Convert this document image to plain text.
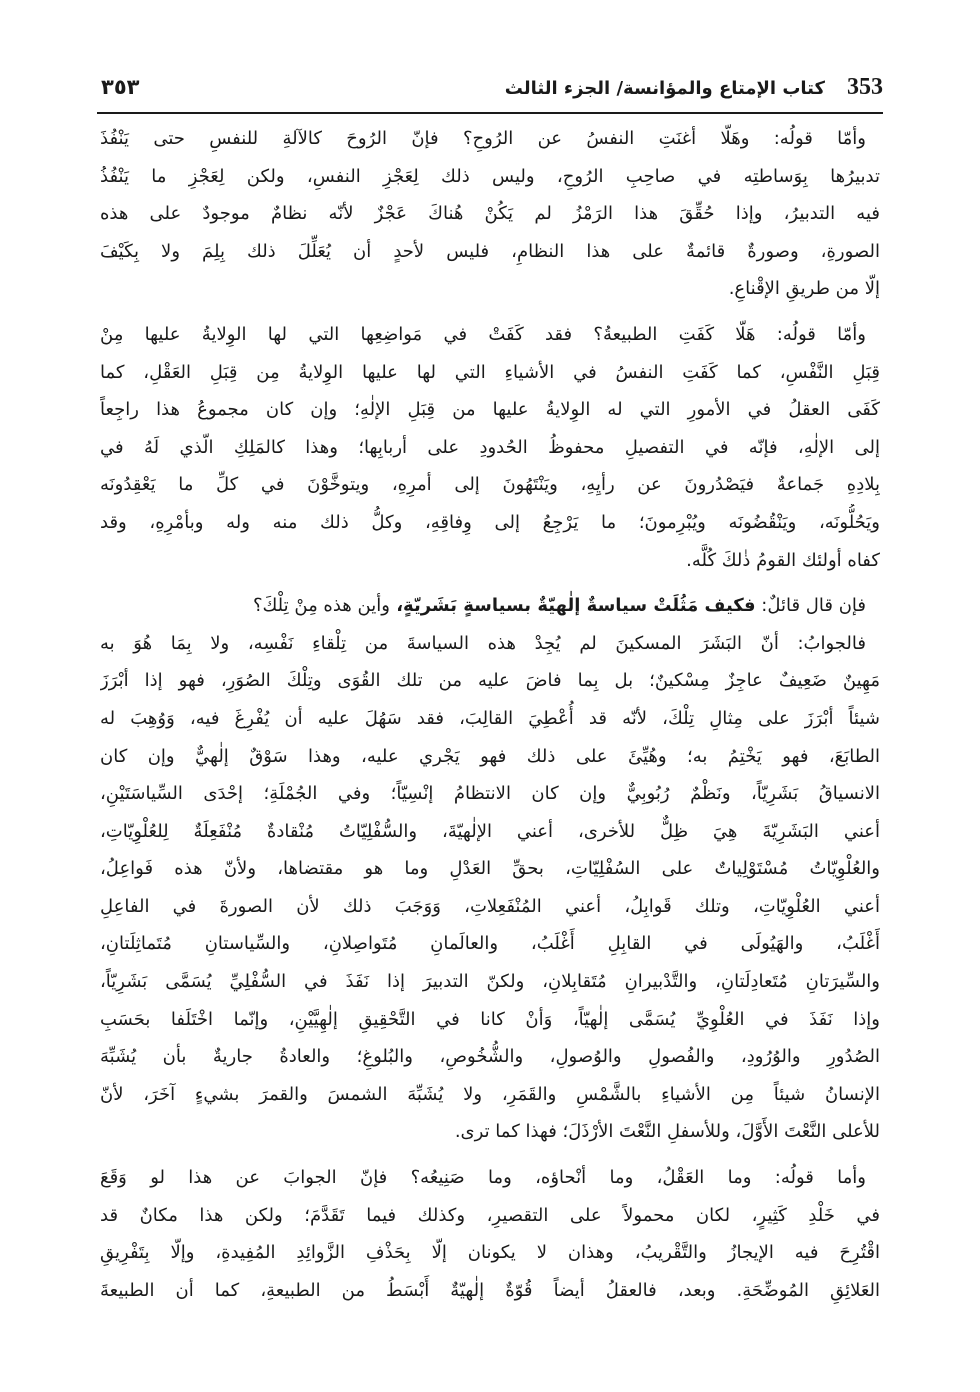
353
كتاب الإمتاع والمؤانسة/ الجزء الثالث
٣٥٣
وأمّا قولُه: وهَلّا أغنَتِ النفسُ عن الرُوحِ؟ فإنّ الرُوحَ كالآلةِ للنفسِ حتى يَنْفُذَ
تدبيرُها بِوَساطتِه في صاحِبِ الرُوحِ، وليس ذلك لِعَجْزِ النفسِ، ولكن لِعَجْزِ ما يَنْفُذُ
فيه التدبيرُ، وإذا حُقِّقَ هذا الرَمْزُ لم يَكُنْ هُناكَ عَجْزٌ لأنّه نظامٌ موجودٌ على هذه
الصورةِ، وصورةٌ قائمةٌ على هذا النظامِ، فليس لأحدٍ أن يُعَلِّلَ ذلك بِلِمَ ولا بِكَيْفَ
إلّا من طريقِ الإقْناعِ.
وأمّا قولُه: هَلّا كَفَتِ الطبيعةُ؟ فقد كَفَتْ في مَواضِعِها التي لها الوِلايةُ عليها مِنْ
قِبَلِ النَّفْسِ، كما كَفَتِ النفسُ في الأشياءِ التي لها عليها الوِلايةُ مِن قِبَلِ العَقْلِ، كما
كَفَى العقلُ في الأمورِ التي له الوِلايةُ عليها من قِبَلِ الإلٰهِ؛ وإن كان مجموعُ هذا راجِعاً
إلى الإلٰهِ، فإنّه في التفصيلِ محفوظُ الحُدودِ على أربابِها؛ وهذا كالمَلِكِ الّذي لَهُ في
بِلادِهِ جَماعةٌ فيَصْدُرونَ عن رأيِهِ، ويَنْتَهُونَ إلى أمرِهِ، ويتوخَّوْنَ في كلِّ ما يَعْقِدُونَه
ويَحُلُّونَه، ويَنْقُضُونَه ويُبْرِمونَ؛ ما يَرْجِعُ إلى وِفاقِهِ، وكلُّ ذلك منه وله وبأمْرِهِ، وقد
كفاه أولئك القومُ ذٰلكَ كُلَّه.
فإن قال قائلٌ: فكيف مَثُلَتْ سياسةٌ إلٰهيّةٌ بسياسةٍ بَشَريّةٍ، وأين هذه مِنْ تِلْكَ؟
فالجوابُ: أنّ البَشَرَ المسكينَ لم يُجِدْ هذه السياسةَ من تِلْقاءِ نَفْسِه، ولا بِمَا هُوَ به
مَهِينٌ ضَعِيفٌ عاجِزٌ مِسْكينٌ؛ بل بِما فاضَ عليه من تلك القُوَى وتِلْكَ الصُوَرِ، فهو إذا أبْرَزَ
شيئاً أبْرَزَ على مِثالِ تِلْكَ، لأنّه قد أُعْطِيَ القالِبَ، فقد سَهُلَ عليه أن يُفْرِغَ فيه، وَوُهِبَ له
الطابَعَ، فهو يَخْتِمُ به؛ وهُيِّئَ على ذلك فهو يَجْري عليه، وهذا سَوْقٌ إلٰهيٌّ وإن كان
الانسياقُ بَشَرِيّاً، ونَظْمٌ رُبُوبِيٌّ وإن كان الانتظامُ إنْسِيّاً؛ وفي الجُمْلَةِ؛ إحْدَى السِّياسَتَيْنِ،
أعني البَشَرِيّةَ هِيَ ظِلٌّ للأخرى، أعني الإلٰهيّةَ، والسُّفْلِيّاتُ مُنْقادةٌ مُنْفَعِلَةٌ لِلعُلْوِيّاتِ،
والعُلْوِيّاتُ مُسْتَوْلِياتٌ على السُفْلِيّاتِ، بحقِّ العَدْلِ وما هو مقتضاها، ولأنّ هذه فَواعِلُ،
أعني العُلْوِيّاتِ، وتلك قَوابِلُ، أعني المُنْفَعِلاتِ، وَوَجَبَ ذلك لأن الصورةَ في الفاعِلِ
أَغْلَبُ، والهَيُولَى في القابِلِ أَغْلَبُ، والعالَمانِ مُتَواصِلانِ، والسِّياستانِ مُتَماثِلَتانِ،
والسِّيرَتانِ مُتَعادِلَتانِ، والتَّدْبيرانِ مُتَقابِلانِ، ولكنّ التدبيرَ إذا نَفَذَ في السُّفْلِيِّ يُسَمَّى بَشَرِيّاً،
وإذا نَفَذَ في العُلْوِيِّ يُسَمَّى إلٰهيّاً، وَأنْ كانا في التَّحْقِيقِ إلٰهِيَّيْنِ، وإنّما اخْتَلَفا بحَسَبِ
الصُدُورِ والوُرُودِ، والفُصولِ والوُصولِ، والشُّخُوصِ، والبُلوغِ؛ والعادةُ جاريةٌ بأن يُشَبِّهَ
الإنسانُ شيئاً مِن الأشياءِ بالشَّمْسِ والقَمَرِ، ولا يُشَبِّهَ الشمسَ والقمرَ بشيءٍ آخَرَ، لأنّ
للأعلى النَّعْتَ الأَوَّلَ، وللأسفلِ النَّعْتَ الأرْذَلَ؛ فهذا كما ترى.
وأما قولُه: وما العَقْلُ، وما أنْحاؤه، وما صَنِيعُه؟ فإنّ الجوابَ عن هذا لو وَقَعَ
في خَلْدِ كَثِيرٍ، لكان محمولاً على التقصيرِ، وكذلك فيما تَقَدَّمَ؛ ولكن هذا مكانٌ قد
اقْتُرِحَ فيه الإيجازُ والتَّقْريبُ، وهذان لا يكونان إلّا بِحَذْفِ الزَّوائِدِ المُفِيدةِ، وإلّا بِتَفْرِيقِ
العَلائِقِ المُوضِّحَةِ. وبعد، فالعقلُ أيضاً قُوّةٌ إلٰهيّةٌ أَبْسَطُ من الطبيعةِ، كما أن الطبيعةَ
